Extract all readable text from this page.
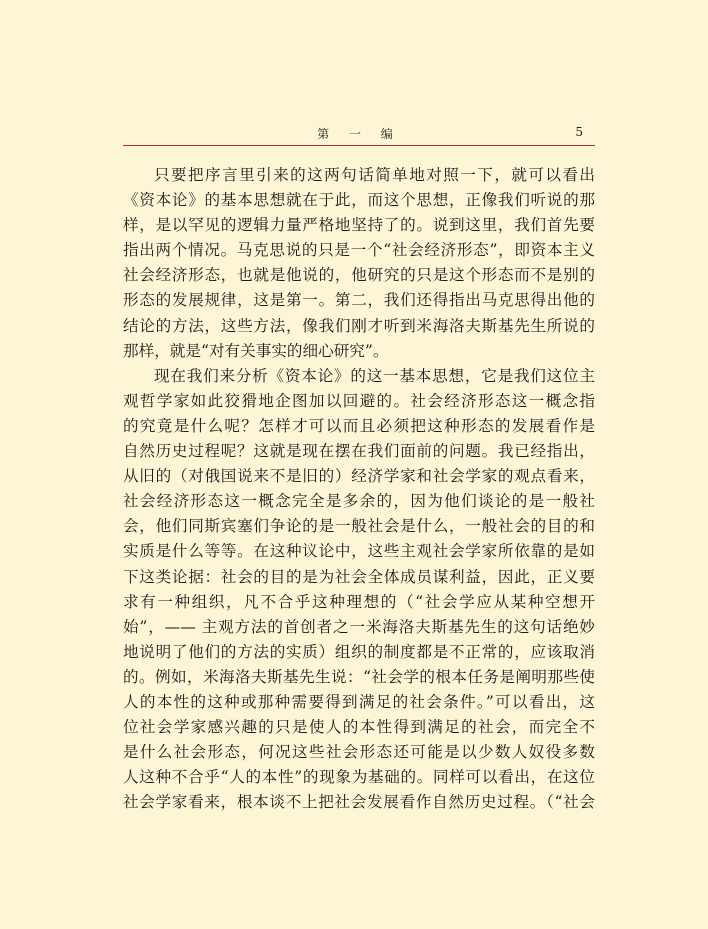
第 一 编	5
只要把序言里引来的这两句话简单地对照一下，就可以看出
《资本论》的基本思想就在于此，而这个思想，正像我们听说的那
样，是以罕见的逻辑力量严格地坚持了的。说到这里，我们首先要
指出两个情况。马克思说的只是一个“社会经济形态”，即资本主义
社会经济形态，也就是他说的，他研究的只是这个形态而不是别的
形态的发展规律，这是第一。第二，我们还得指出马克思得出他的
结论的方法，这些方法，像我们刚才听到米海洛夫斯基先生所说的
那样，就是“对有关事实的细心研究”。
现在我们来分析《资本论》的这一基本思想，它是我们这位主
观哲学家如此狡猾地企图加以回避的。社会经济形态这一概念指
的究竟是什么呢？怎样才可以而且必须把这种形态的发展看作是
自然历史过程呢？这就是现在摆在我们面前的问题。我已经指出，
从旧的（对俄国说来不是旧的）经济学家和社会学家的观点看来，
社会经济形态这一概念完全是多余的，因为他们谈论的是一般社
会，他们同斯宾塞们争论的是一般社会是什么，一般社会的目的和
实质是什么等等。在这种议论中，这些主观社会学家所依靠的是如
下这类论据：社会的目的是为社会全体成员谋利益，因此，正义要
求有一种组织，凡不合乎这种理想的（“社会学应从某种空想开
始”，—— 主观方法的首创者之一米海洛夫斯基先生的这句话绝妙
地说明了他们的方法的实质）组织的制度都是不正常的，应该取消
的。例如，米海洛夫斯基先生说：“社会学的根本任务是阐明那些使
人的本性的这种或那种需要得到满足的社会条件。”可以看出，这
位社会学家感兴趣的只是使人的本性得到满足的社会，而完全不
是什么社会形态，何况这些社会形态还可能是以少数人奴役多数
人这种不合乎“人的本性”的现象为基础的。同样可以看出，在这位
社会学家看来，根本谈不上把社会发展看作自然历史过程。（“社会
